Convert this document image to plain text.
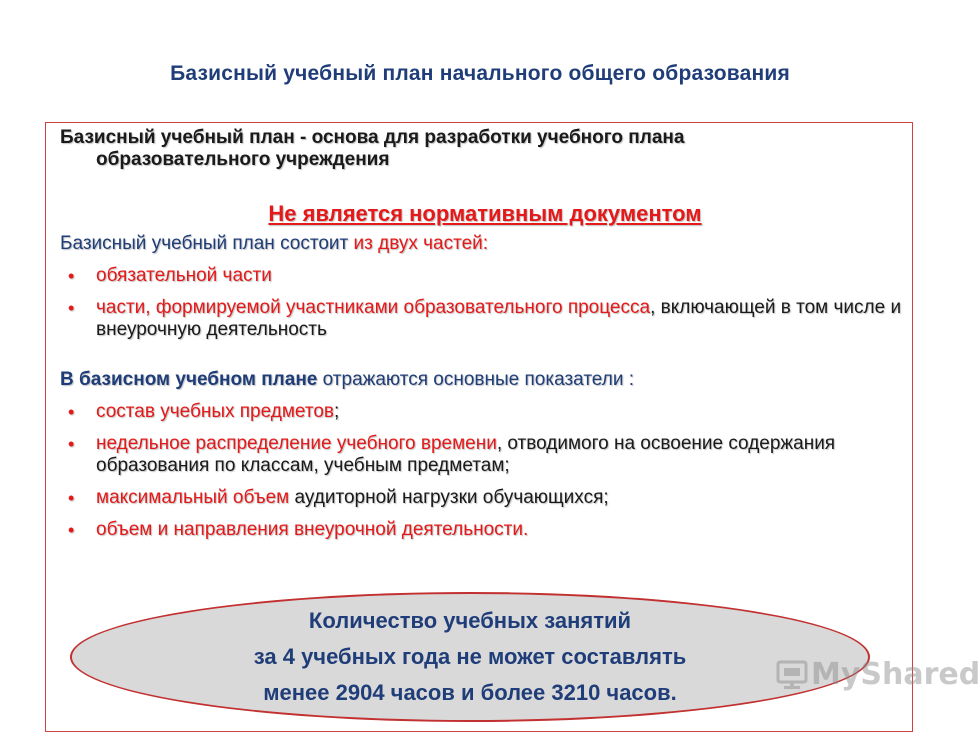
Базисный учебный план начального общего образования

Базисный учебный план - основа для разработки учебного плана
образовательного учреждения

Не является нормативным документом

Базисный учебный план состоит из двух частей:

• обязательной части
• части, формируемой участниками образовательного процесса, включающей в том числе и внеурочную деятельность

В базисном учебном плане отражаются основные показатели :

• состав учебных предметов;
• недельное распределение учебного времени, отводимого на освоение содержания образования по классам, учебным предметам;
• максимальный объем аудиторной нагрузки обучающихся;
• объем и направления внеурочной деятельности.
Количество учебных занятий
за 4 учебных года не может составлять
менее 2904 часов и более 3210 часов.
MyShared
